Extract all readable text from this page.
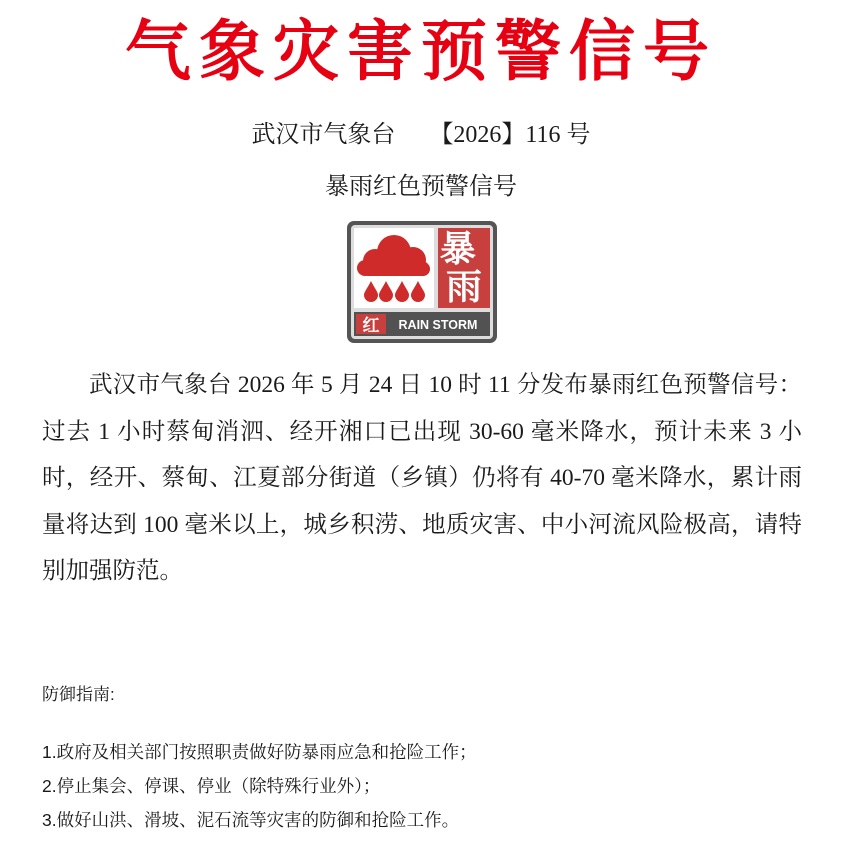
气象灾害预警信号
武汉市气象台 【2026】116 号
暴雨红色预警信号
暴 雨
红 RAIN STORM

武汉市气象台 2026 年 5 月 24 日 10 时 11 分发布暴雨红色预警信号：过去 1 小时蔡甸消泗、经开湘口已出现 30-60 毫米降水，预计未来 3 小时，经开、蔡甸、江夏部分街道（乡镇）仍将有 40-70 毫米降水，累计雨量将达到 100 毫米以上，城乡积涝、地质灾害、中小河流风险极高，请特别加强防范。

防御指南:

1.政府及相关部门按照职责做好防暴雨应急和抢险工作；
2.停止集会、停课、停业（除特殊行业外）；
3.做好山洪、滑坡、泥石流等灾害的防御和抢险工作。
